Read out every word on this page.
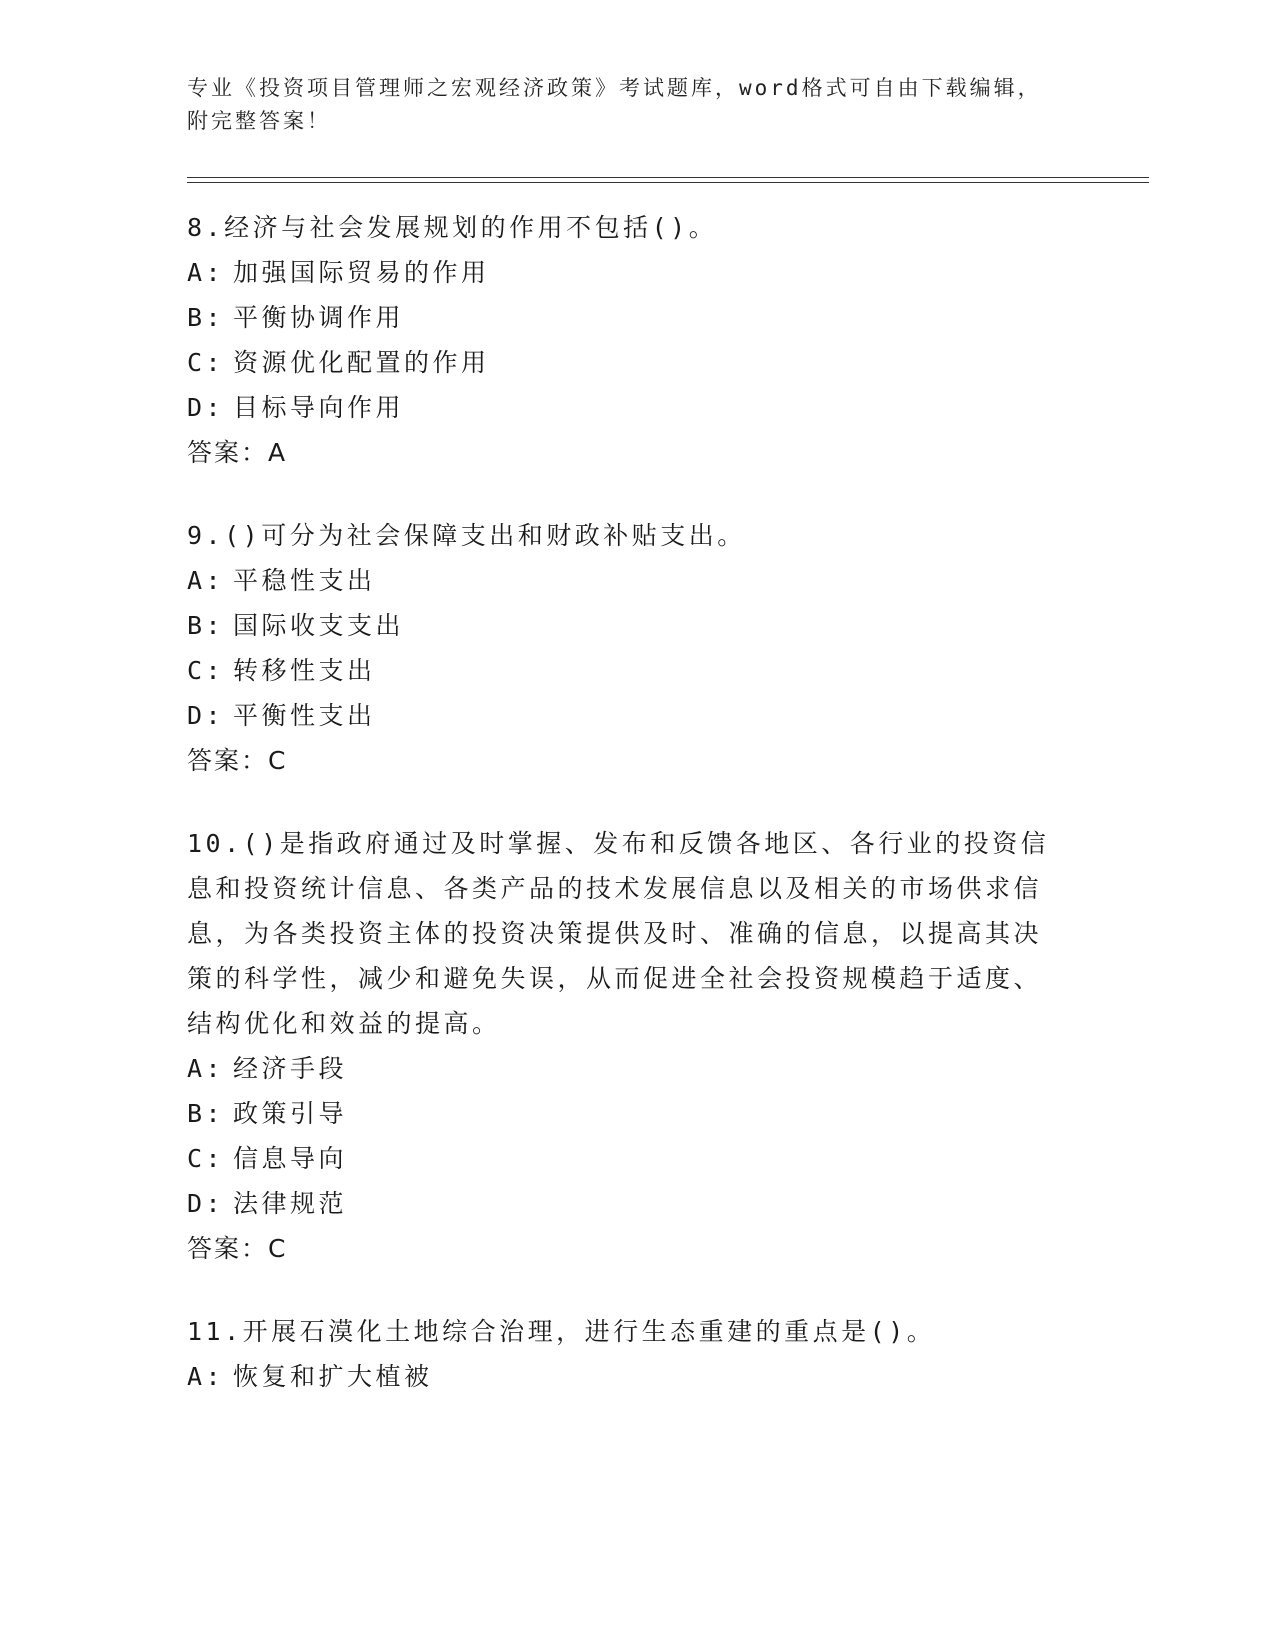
专业《投资项目管理师之宏观经济政策》考试题库，word格式可自由下载编辑，
附完整答案！
8.经济与社会发展规划的作用不包括()。
A: 加强国际贸易的作用
B: 平衡协调作用
C: 资源优化配置的作用
D: 目标导向作用
答案：A
9.()可分为社会保障支出和财政补贴支出。
A: 平稳性支出
B: 国际收支支出
C: 转移性支出
D: 平衡性支出
答案：C
10.()是指政府通过及时掌握、发布和反馈各地区、各行业的投资信息和投资统计信息、各类产品的技术发展信息以及相关的市场供求信息，为各类投资主体的投资决策提供及时、准确的信息，以提高其决策的科学性，减少和避免失误，从而促进全社会投资规模趋于适度、结构优化和效益的提高。
A: 经济手段
B: 政策引导
C: 信息导向
D: 法律规范
答案：C
11.开展石漠化土地综合治理，进行生态重建的重点是()。
A: 恢复和扩大植被
